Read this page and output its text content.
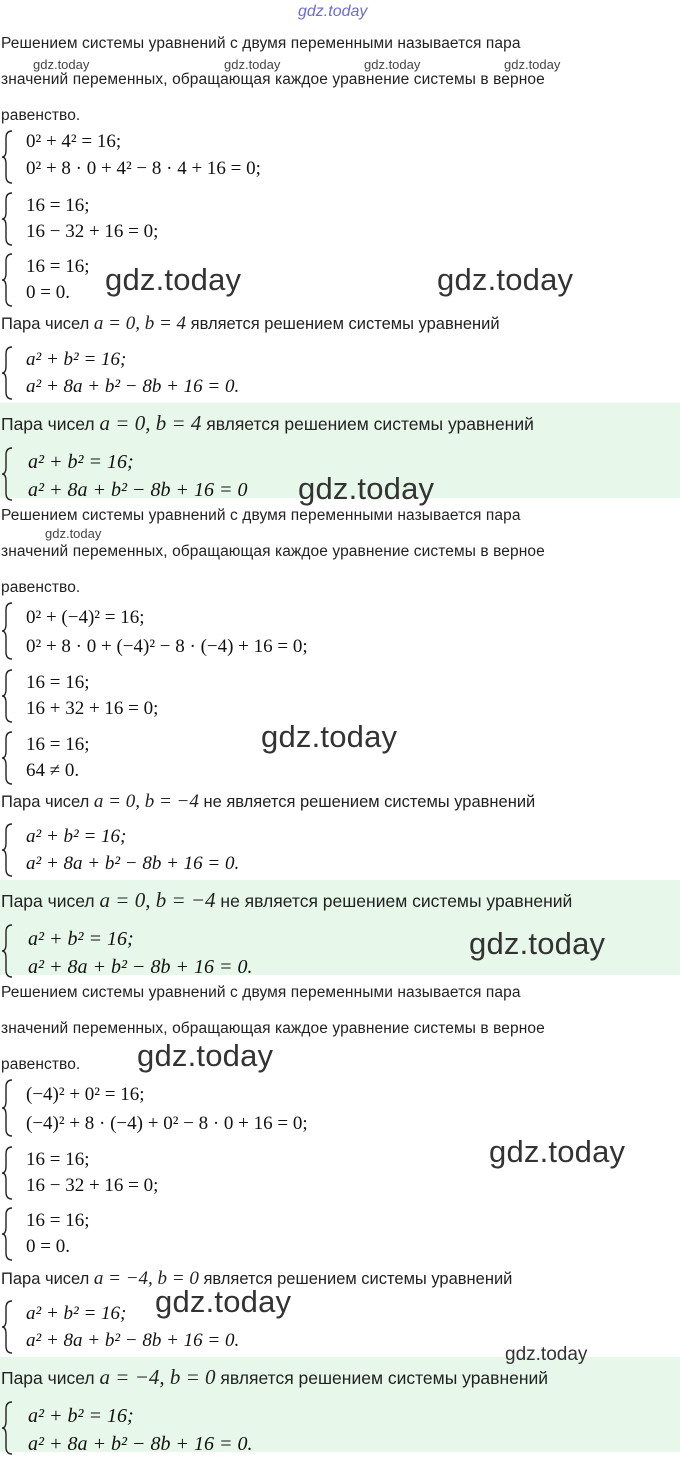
gdz.today
Решением системы уравнений с двумя переменными называется пара
gdz.today	gdz.today	gdz.today	gdz.today
значений переменных, обращающая каждое уравнение системы в верное
равенство.
0² + 4² = 16;
0² + 8 · 0 + 4² − 8 · 4 + 16 = 0;
16 = 16;
16 − 32 + 16 = 0;
16 = 16;
0 = 0. gdz.today	gdz.today
Пара чисел a = 0, b = 4 является решением системы уравнений
a² + b² = 16;
a² + 8a + b² − 8b + 16 = 0.
Пара чисел a = 0, b = 4 является решением системы уравнений
a² + b² = 16;
a² + 8a + b² − 8b + 16 = 0 gdz.today
Решением системы уравнений с двумя переменными называется пара
gdz.today
значений переменных, обращающая каждое уравнение системы в верное
равенство.
0² + (−4)² = 16;
0² + 8 · 0 + (−4)² − 8 · (−4) + 16 = 0;
16 = 16;
16 + 32 + 16 = 0;
16 = 16;
64 ≠ 0.
gdz.today
Пара чисел a = 0, b = −4 не является решением системы уравнений
a² + b² = 16;
a² + 8a + b² − 8b + 16 = 0.
Пара чисел a = 0, b = −4 не является решением системы уравнений
a² + b² = 16;
a² + 8a + b² − 8b + 16 = 0.
gdz.today
Решением системы уравнений с двумя переменными называется пара
значений переменных, обращающая каждое уравнение системы в верное
равенство. gdz.today
(−4)² + 0² = 16;
(−4)² + 8 · (−4) + 0² − 8 · 0 + 16 = 0;
16 = 16;
16 − 32 + 16 = 0;
gdz.today
16 = 16;
0 = 0.
Пара чисел a = −4, b = 0 является решением системы уравнений
a² + b² = 16;
a² + 8a + b² − 8b + 16 = 0.
gdz.today
Пара чисел a = −4, b = 0 является решением системы уравнений
a² + b² = 16;
a² + 8a + b² − 8b + 16 = 0.
gdz.today
